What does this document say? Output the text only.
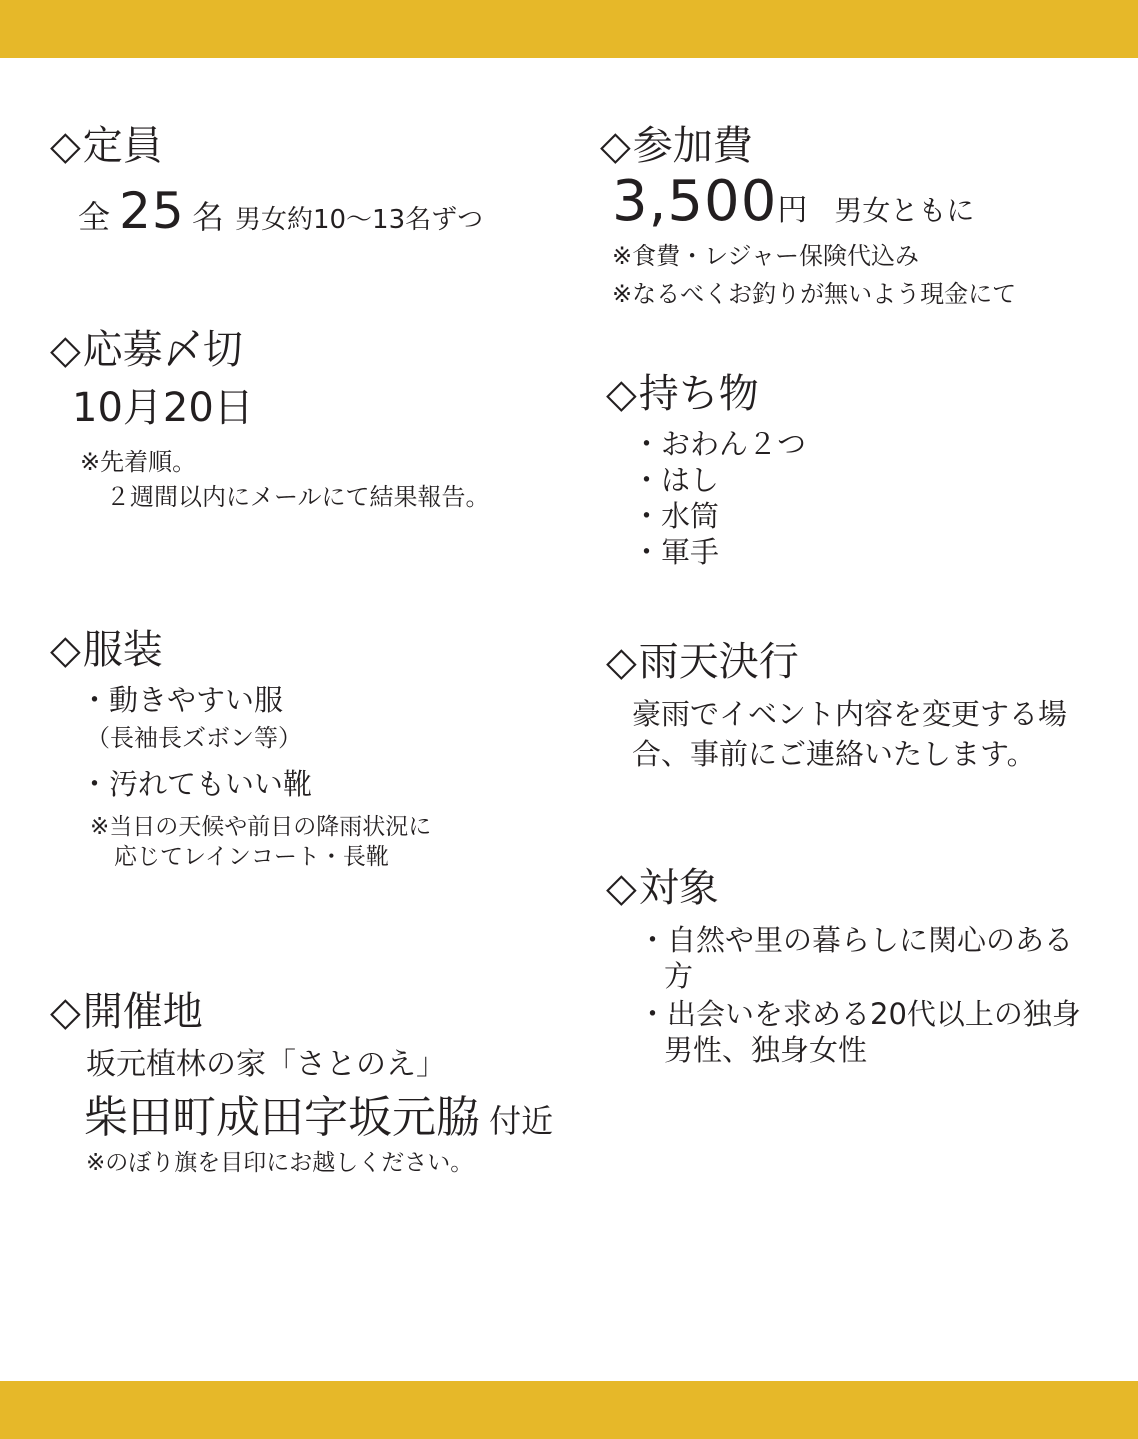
◇定員
全 25 名 男女約10〜13名ずつ
◇応募〆切
10月20日
※先着順。
２週間以内にメールにて結果報告。
◇服装
・動きやすい服
（長袖長ズボン等）
・汚れてもいい靴
※当日の天候や前日の降雨状況に
応じてレインコート・長靴
◇開催地
坂元植林の家「さとのえ」
柴田町成田字坂元脇 付近
※のぼり旗を目印にお越しください。
◇参加費
3,500円 男女ともに
※食費・レジャー保険代込み
※なるべくお釣りが無いよう現金にて
◇持ち物
・おわん２つ
・はし
・水筒
・軍手
◇雨天決行
豪雨でイベント内容を変更する場
合、事前にご連絡いたします。
◇対象
・自然や里の暮らしに関心のある
方
・出会いを求める20代以上の独身
男性、独身女性
